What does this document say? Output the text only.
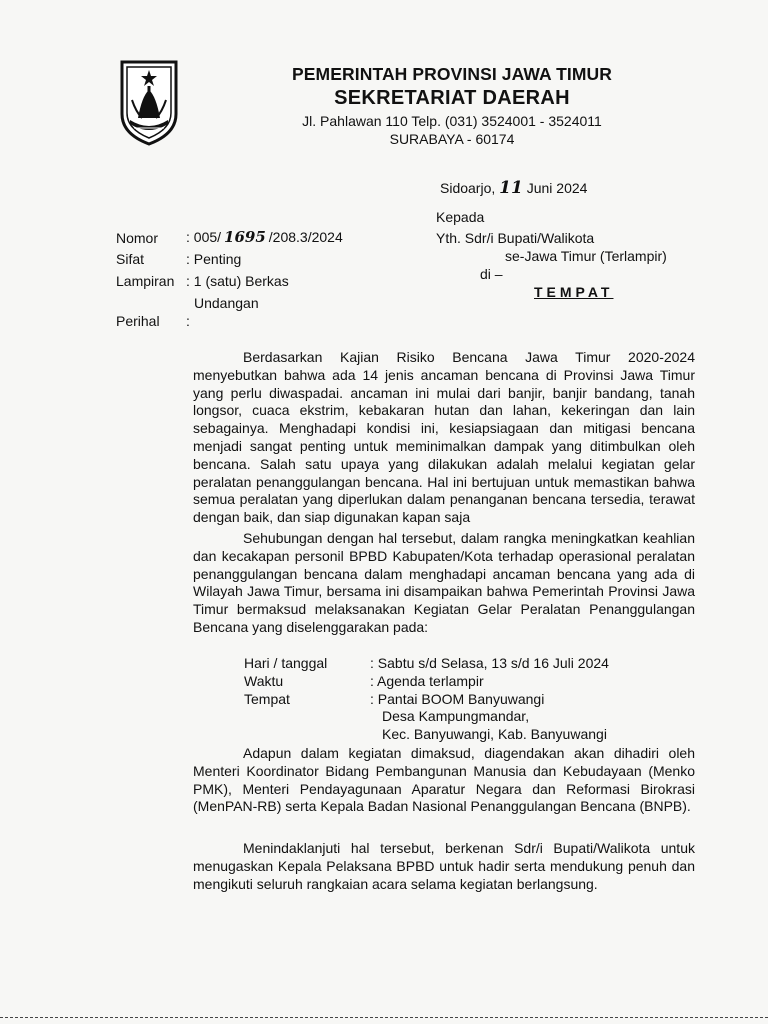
PEMERINTAH PROVINSI JAWA TIMUR
SEKRETARIAT DAERAH
Jl. Pahlawan 110 Telp. (031) 3524001 - 3524011
SURABAYA - 60174
Sidoarjo, 11 Juni 2024
Kepada
Yth. Sdr/i Bupati/Walikota
se-Jawa Timur (Terlampir)
di –
TEMPAT
Nomor : 005/ 1695 /208.3/2024
Sifat	: Penting
Lampiran : 1 (satu) Berkas
Undangan
Perihal :

Berdasarkan Kajian Risiko Bencana Jawa Timur 2020-2024 menyebutkan bahwa ada 14 jenis ancaman bencana di Provinsi Jawa Timur yang perlu diwaspadai. ancaman ini mulai dari banjir, banjir bandang, tanah longsor, cuaca ekstrim, kebakaran hutan dan lahan, kekeringan dan lain sebagainya. Menghadapi kondisi ini, kesiapsiagaan dan mitigasi bencana menjadi sangat penting untuk meminimalkan dampak yang ditimbulkan oleh bencana. Salah satu upaya yang dilakukan adalah melalui kegiatan gelar peralatan penanggulangan bencana. Hal ini bertujuan untuk memastikan bahwa semua peralatan yang diperlukan dalam penanganan bencana tersedia, terawat dengan baik, dan siap digunakan kapan saja

Sehubungan dengan hal tersebut, dalam rangka meningkatkan keahlian dan kecakapan personil BPBD Kabupaten/Kota terhadap operasional peralatan penanggulangan bencana dalam menghadapi ancaman bencana yang ada di Wilayah Jawa Timur, bersama ini disampaikan bahwa Pemerintah Provinsi Jawa Timur bermaksud melaksanakan Kegiatan Gelar Peralatan Penanggulangan Bencana yang diselenggarakan pada:

Hari / tanggal	: Sabtu s/d Selasa, 13 s/d 16 Juli 2024
Waktu	: Agenda terlampir
Tempat	: Pantai BOOM Banyuwangi
Desa Kampungmandar,
Kec. Banyuwangi, Kab. Banyuwangi

Adapun dalam kegiatan dimaksud, diagendakan akan dihadiri oleh Menteri Koordinator Bidang Pembangunan Manusia dan Kebudayaan (Menko PMK), Menteri Pendayagunaan Aparatur Negara dan Reformasi Birokrasi (MenPAN-RB) serta Kepala Badan Nasional Penanggulangan Bencana (BNPB).

Menindaklanjuti hal tersebut, berkenan Sdr/i Bupati/Walikota untuk menugaskan Kepala Pelaksana BPBD untuk hadir serta mendukung penuh dan mengikuti seluruh rangkaian acara selama kegiatan berlangsung.
